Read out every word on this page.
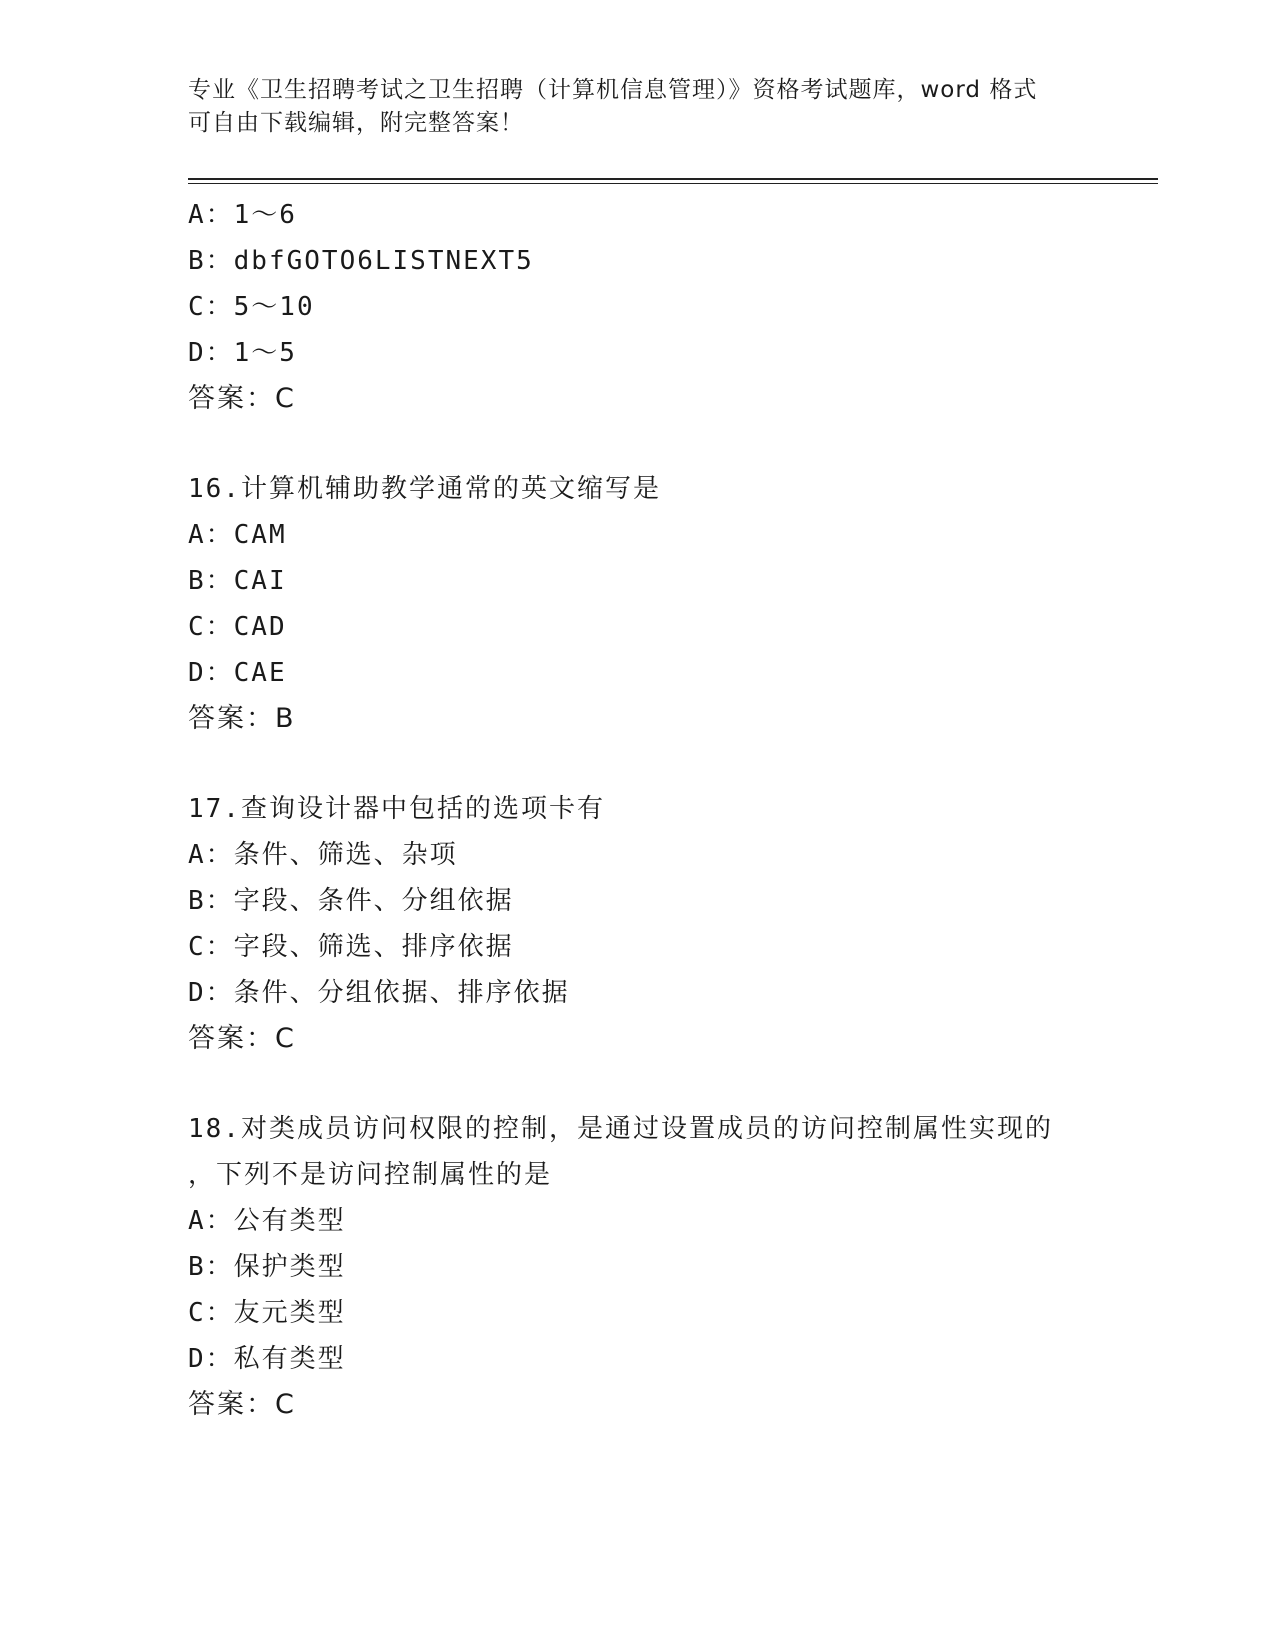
专业《卫生招聘考试之卫生招聘（计算机信息管理）》资格考试题库，word 格式
可自由下载编辑，附完整答案！
A：1～6
B：dbfGOTO6LISTNEXT5
C：5～10
D：1～5
答案：C
16.计算机辅助教学通常的英文缩写是
A：CAM
B：CAI
C：CAD
D：CAE
答案：B
17.查询设计器中包括的选项卡有
A：条件、筛选、杂项
B：字段、条件、分组依据
C：字段、筛选、排序依据
D：条件、分组依据、排序依据
答案：C
18.对类成员访问权限的控制，是通过设置成员的访问控制属性实现的
，下列不是访问控制属性的是
A：公有类型
B：保护类型
C：友元类型
D：私有类型
答案：C
